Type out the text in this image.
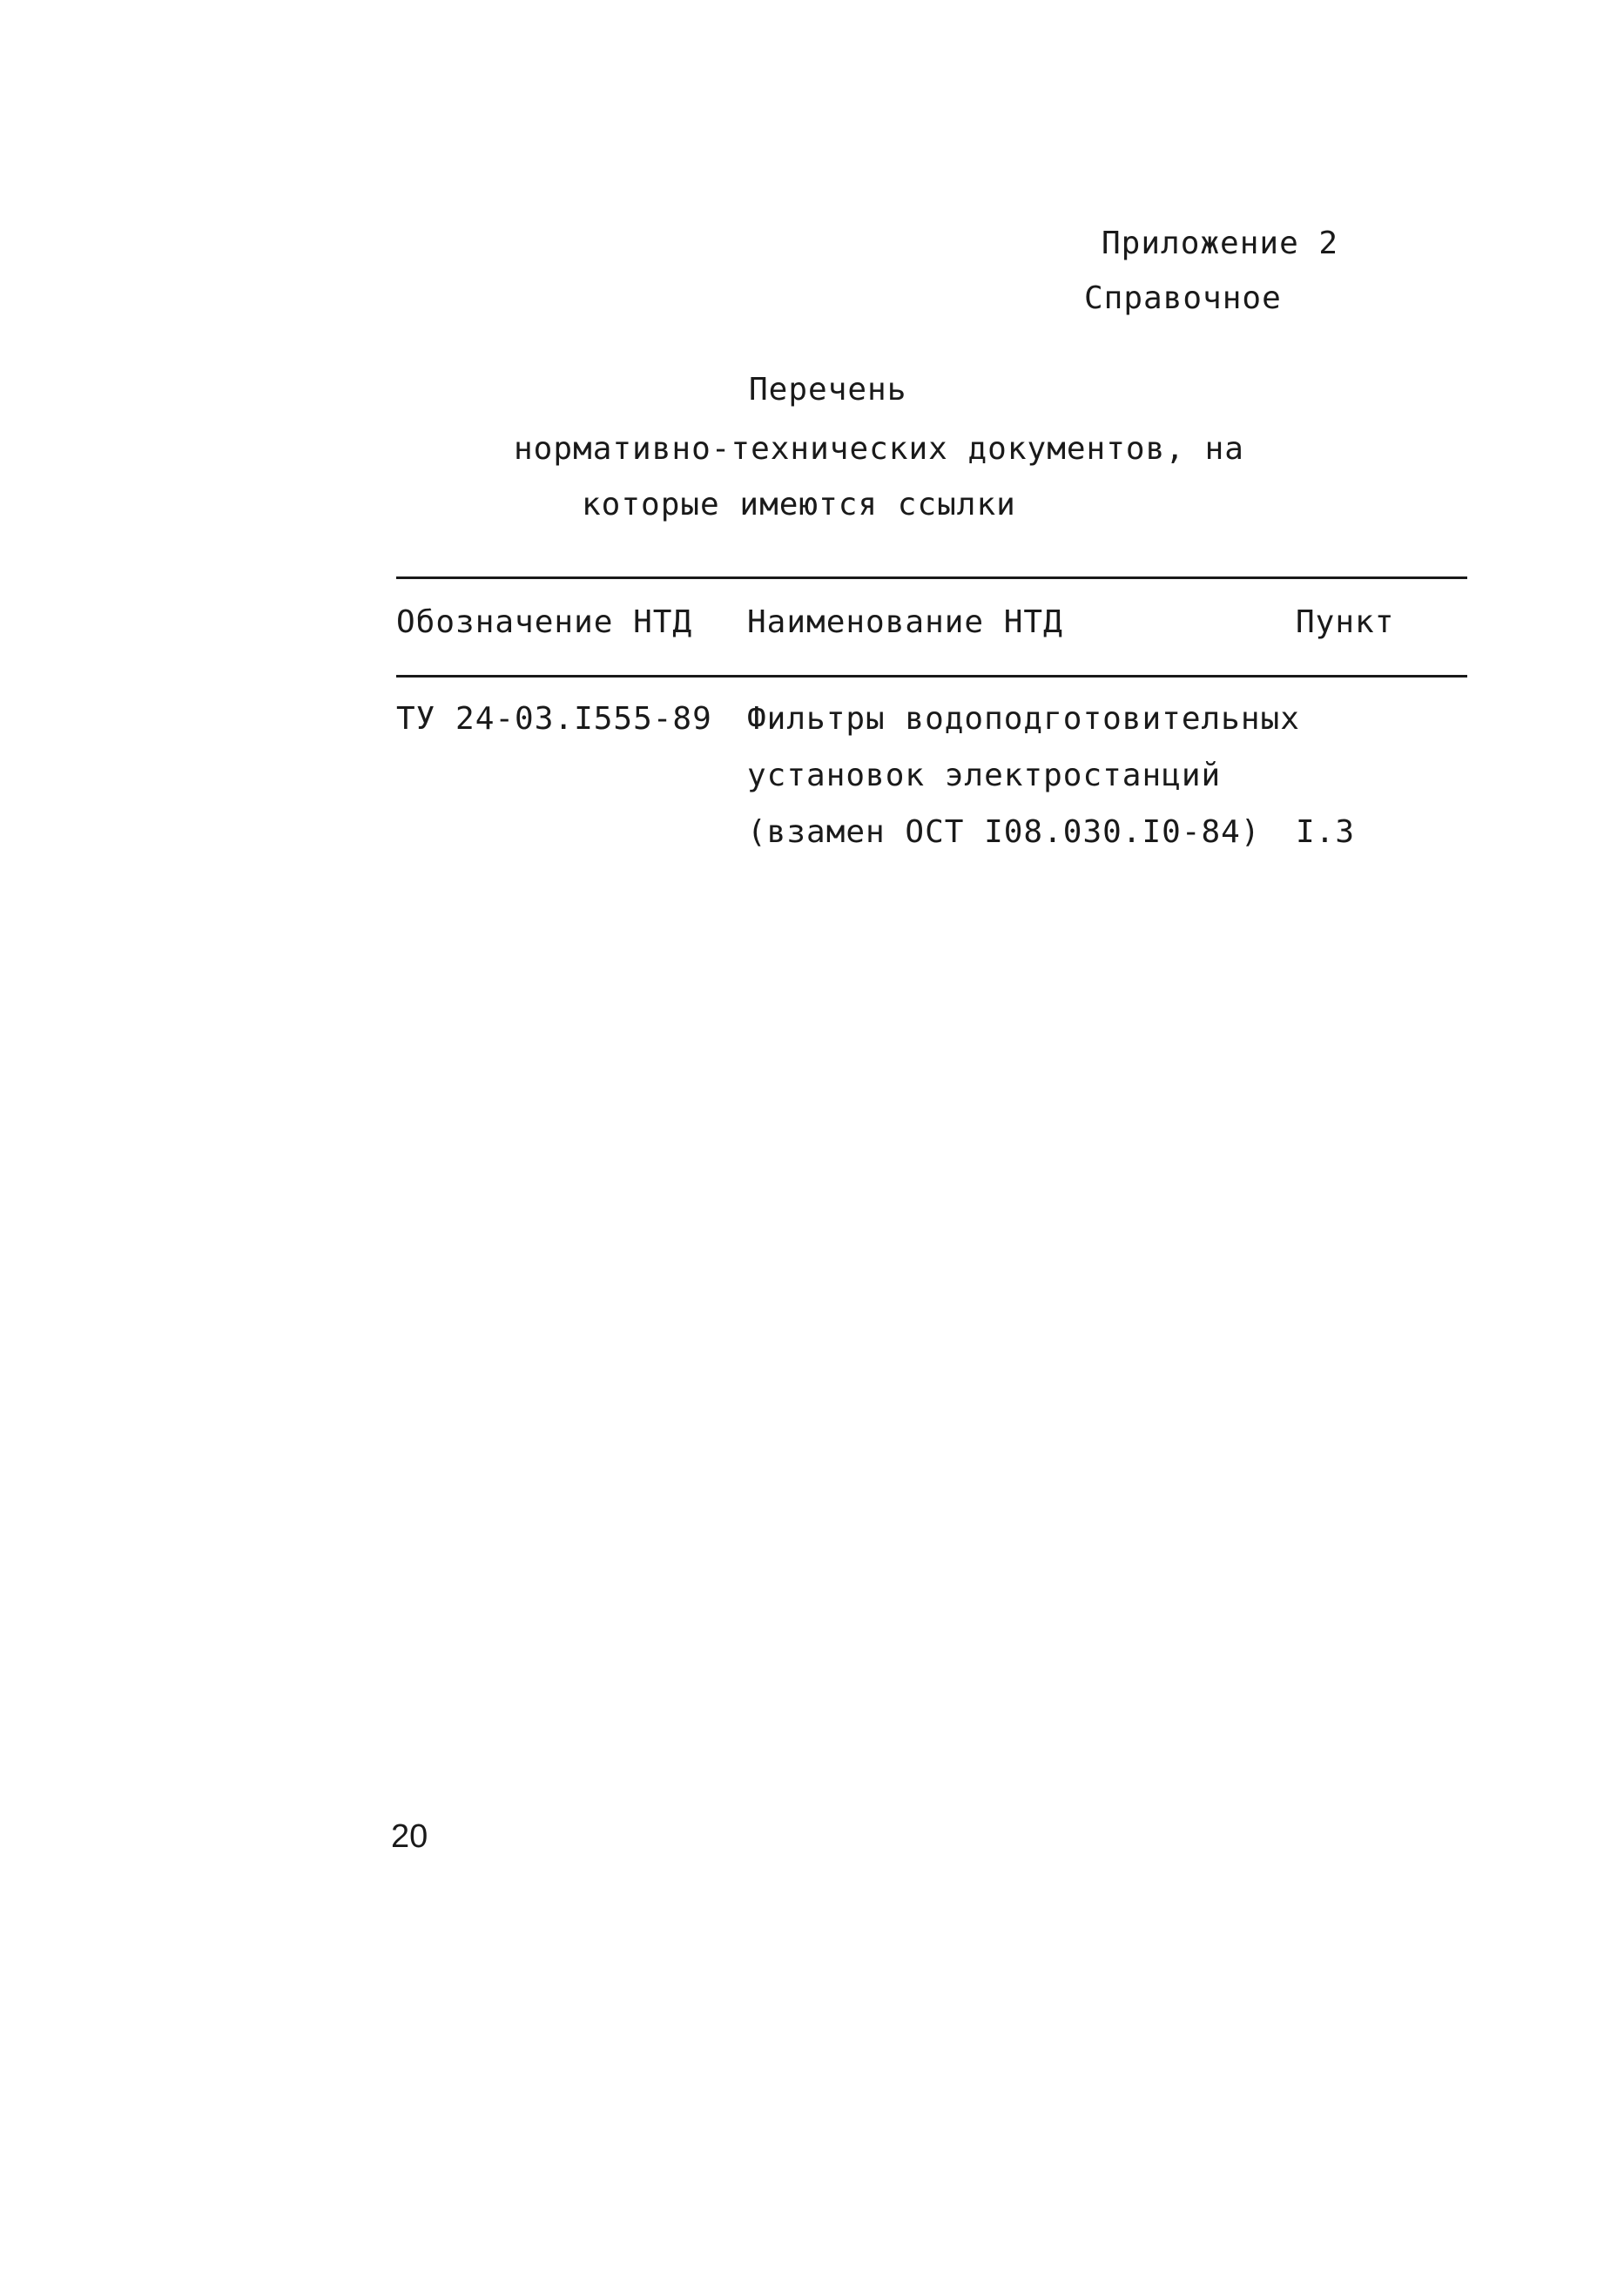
Приложение 2
Справочное
Перечень
нормативно-технических документов, на
которые имеются ссылки
Обозначение НТД Наименование НТД	Пункт
ТУ 24-03.I555-89 Фильтры водоподготовительных
установок электростанций
(взамен ОСТ I08.030.I0-84) I.3
20
